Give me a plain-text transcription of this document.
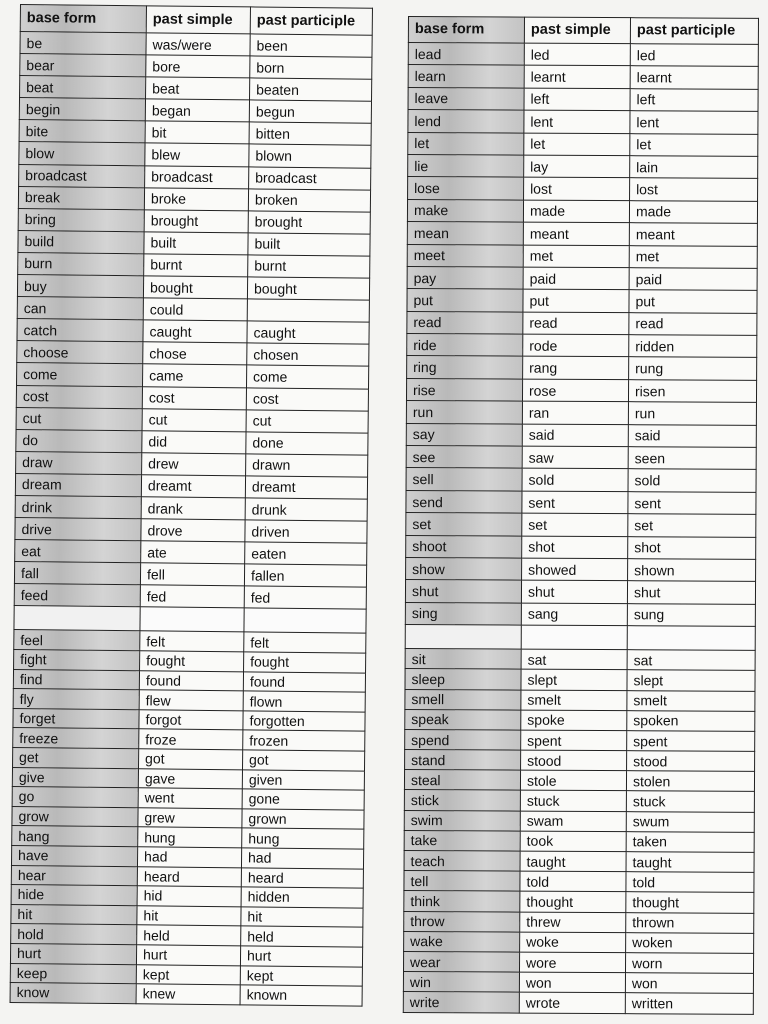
base form	past simple	past participle
be	was/were	been
bear	bore	born
beat	beat	beaten
begin	began	begun
bite	bit	bitten
blow	blew	blown
broadcast	broadcast	broadcast
break	broke	broken
bring	brought	brought
build	built	built
burn	burnt	burnt
buy	bought	bought
can	could	
catch	caught	caught
choose	chose	chosen
come	came	come
cost	cost	cost
cut	cut	cut
do	did	done
draw	drew	drawn
dream	dreamt	dreamt
drink	drank	drunk
drive	drove	driven
eat	ate	eaten
fall	fell	fallen
feed	fed	fed

feel	felt	felt
fight	fought	fought
find	found	found
fly	flew	flown
forget	forgot	forgotten
freeze	froze	frozen
get	got	got
give	gave	given
go	went	gone
grow	grew	grown
hang	hung	hung
have	had	had
hear	heard	heard
hide	hid	hidden
hit	hit	hit
hold	held	held
hurt	hurt	hurt
keep	kept	kept
know	knew	known
base form	past simple	past participle
lead	led	led
learn	learnt	learnt
leave	left	left
lend	lent	lent
let	let	let
lie	lay	lain
lose	lost	lost
make	made	made
mean	meant	meant
meet	met	met
pay	paid	paid
put	put	put
read	read	read
ride	rode	ridden
ring	rang	rung
rise	rose	risen
run	ran	run
say	said	said
see	saw	seen
sell	sold	sold
send	sent	sent
set	set	set
shoot	shot	shot
show	showed	shown
shut	shut	shut
sing	sang	sung

sit	sat	sat
sleep	slept	slept
smell	smelt	smelt
speak	spoke	spoken
spend	spent	spent
stand	stood	stood
steal	stole	stolen
stick	stuck	stuck
swim	swam	swum
take	took	taken
teach	taught	taught
tell	told	told
think	thought	thought
throw	threw	thrown
wake	woke	woken
wear	wore	worn
win	won	won
write	wrote	written
